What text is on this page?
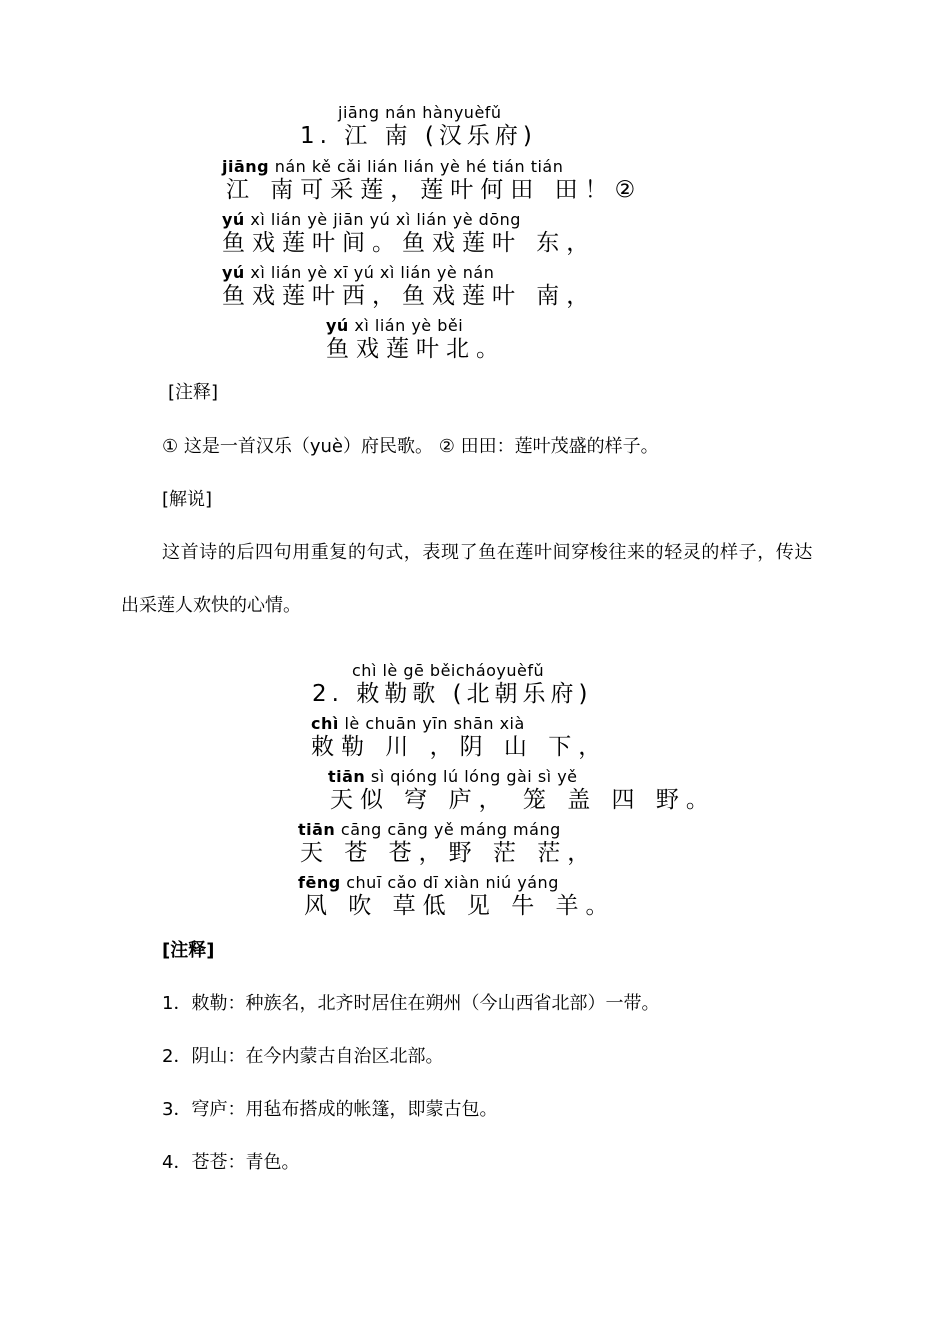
jiāng nán hànyuèfǔ
1. 江 南 (汉乐府)
jiāng nán kě cǎi lián lián yè hé tián tián
江 南可采莲，莲叶何田 田！②
yú xì lián yè jiān yú xì lián yè dōng
鱼戏莲叶间。鱼戏莲叶 东，
yú xì lián yè xī yú xì lián yè nán
鱼戏莲叶西，鱼戏莲叶 南，
yú xì lián yè běi
鱼戏莲叶北。
[注释]
① 这是一首汉乐（yuè）府民歌。 ② 田田：莲叶茂盛的样子。
[解说]
这首诗的后四句用重复的句式，表现了鱼在莲叶间穿梭往来的轻灵的样子，传达
出采莲人欢快的心情。
chì lè gē běicháoyuèfǔ
2. 敕勒歌 (北朝乐府)
chì lè chuān yīn shān xià
敕勒 川 ，阴 山 下，
tiān sì qióng lú lóng gài sì yě
天似 穹 庐， 笼 盖 四 野。
tiān cāng cāng yě máng máng
天 苍 苍，野 茫 茫，
fēng chuī cǎo dī xiàn niú yáng
风 吹 草低 见 牛 羊。
[注释]
1．敕勒：种族名，北齐时居住在朔州（今山西省北部）一带。
2．阴山：在今内蒙古自治区北部。
3．穹庐：用毡布搭成的帐篷，即蒙古包。
4．苍苍：青色。
